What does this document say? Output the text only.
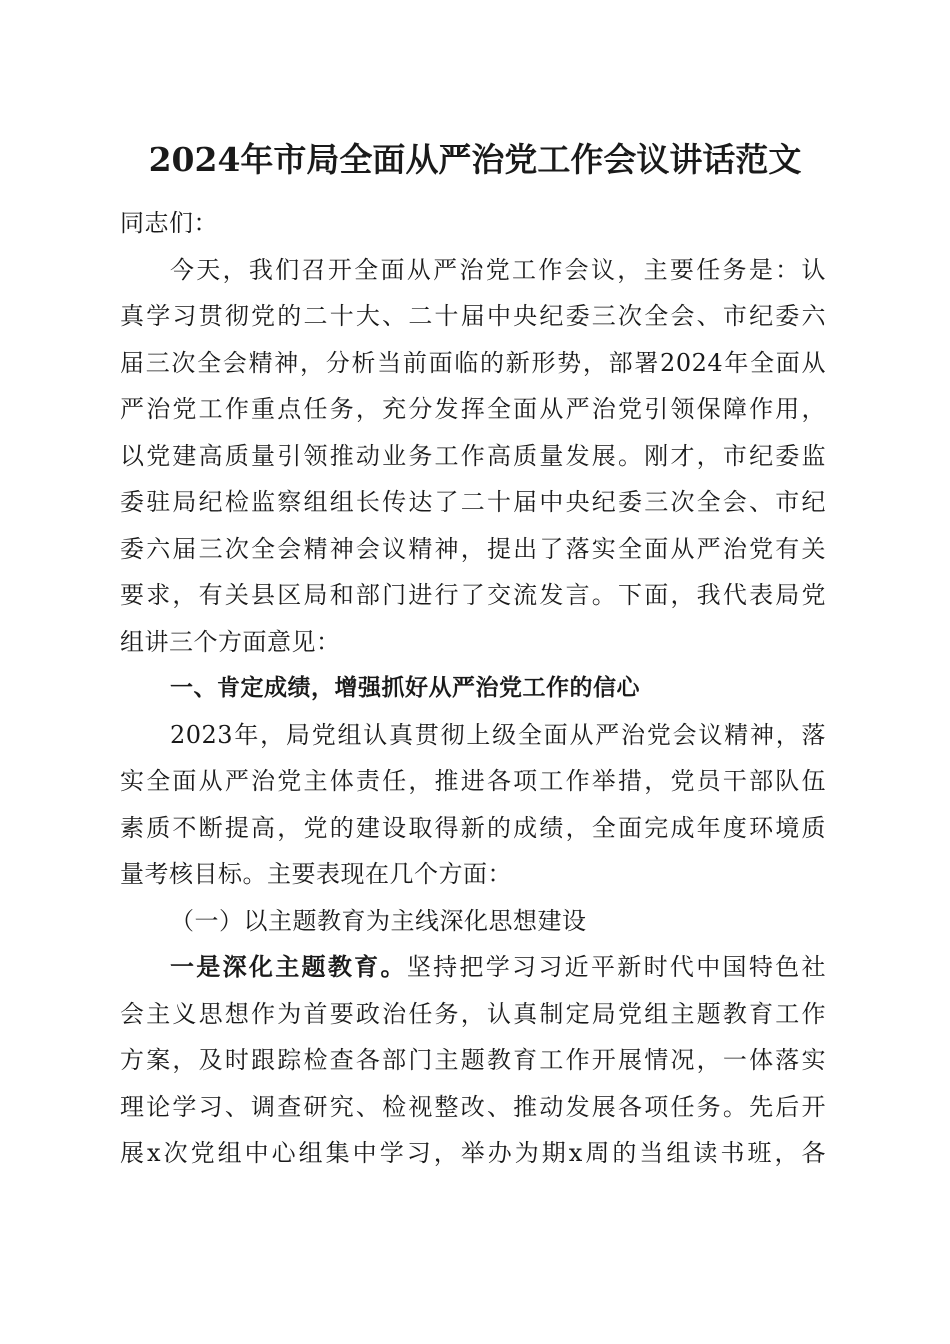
2024年市局全面从严治党工作会议讲话范文
同志们：
今天，我们召开全面从严治党工作会议，主要任务是：认
真学习贯彻党的二十大、二十届中央纪委三次全会、市纪委六
届三次全会精神，分析当前面临的新形势，部署2024年全面从
严治党工作重点任务，充分发挥全面从严治党引领保障作用，
以党建高质量引领推动业务工作高质量发展。刚才，市纪委监
委驻局纪检监察组组长传达了二十届中央纪委三次全会、市纪
委六届三次全会精神会议精神，提出了落实全面从严治党有关
要求，有关县区局和部门进行了交流发言。下面，我代表局党
组讲三个方面意见：
一、肯定成绩，增强抓好从严治党工作的信心
2023年，局党组认真贯彻上级全面从严治党会议精神，落
实全面从严治党主体责任，推进各项工作举措，党员干部队伍
素质不断提高，党的建设取得新的成绩，全面完成年度环境质
量考核目标。主要表现在几个方面：
（一）以主题教育为主线深化思想建设
一是深化主题教育。坚持把学习习近平新时代中国特色社
会主义思想作为首要政治任务，认真制定局党组主题教育工作
方案，及时跟踪检查各部门主题教育工作开展情况，一体落实
理论学习、调查研究、检视整改、推动发展各项任务。先后开
展x次党组中心组集中学习，举办为期x周的当组读书班，各
